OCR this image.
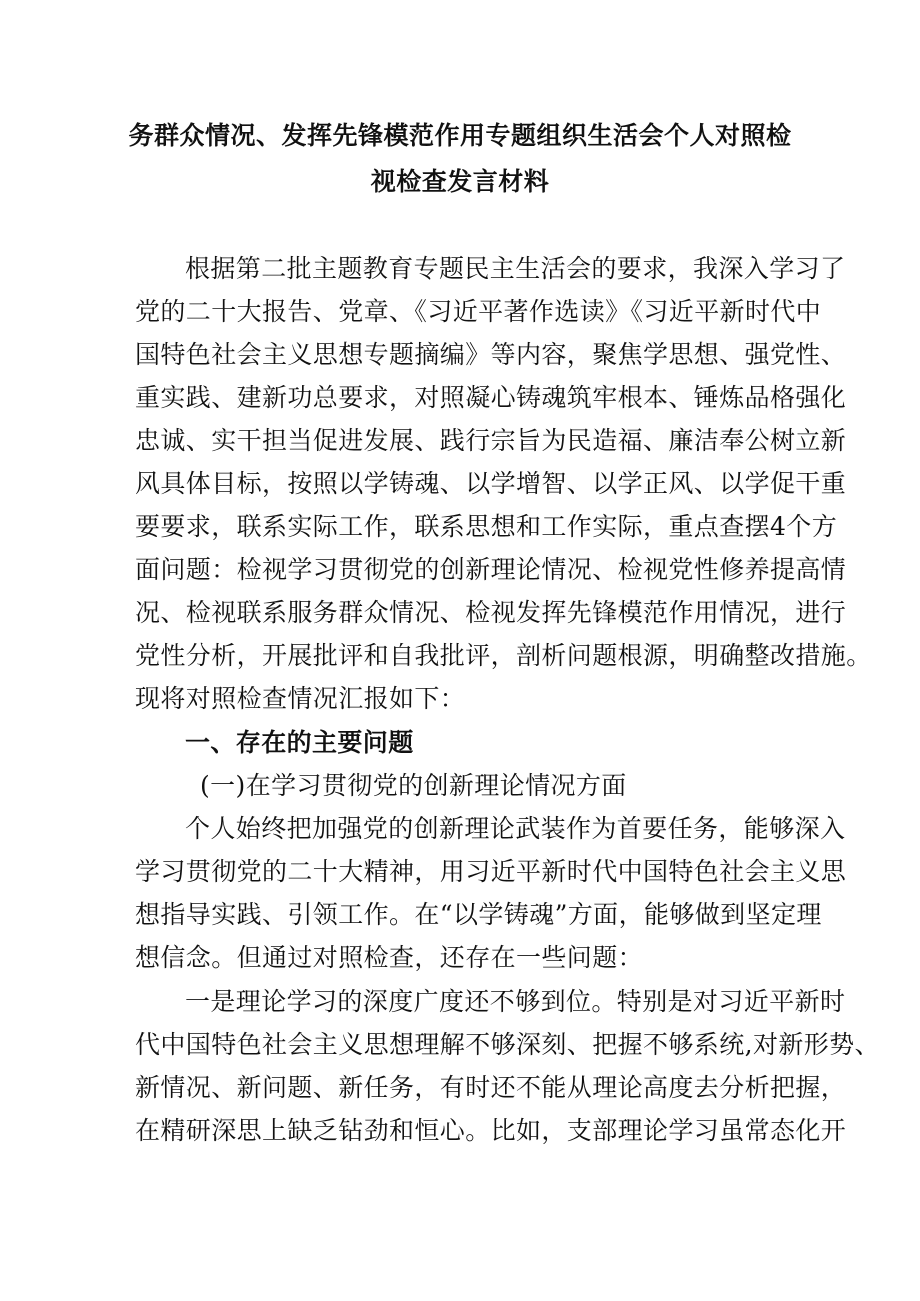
务群众情况、发挥先锋模范作用专题组织生活会个人对照检
视检查发言材料
根据第二批主题教育专题民主生活会的要求，我深入学习了
党的二十大报告、党章、《习近平著作选读》《习近平新时代中
国特色社会主义思想专题摘编》等内容，聚焦学思想、强党性、
重实践、建新功总要求，对照凝心铸魂筑牢根本、锤炼品格强化
忠诚、实干担当促进发展、践行宗旨为民造福、廉洁奉公树立新
风具体目标，按照以学铸魂、以学增智、以学正风、以学促干重
要要求，联系实际工作，联系思想和工作实际，重点查摆4个方
面问题：检视学习贯彻党的创新理论情况、检视党性修养提高情
况、检视联系服务群众情况、检视发挥先锋模范作用情况，进行
党性分析，开展批评和自我批评，剖析问题根源，明确整改措施。
现将对照检查情况汇报如下：
一、存在的主要问题
(一)在学习贯彻党的创新理论情况方面
个人始终把加强党的创新理论武装作为首要任务，能够深入
学习贯彻党的二十大精神，用习近平新时代中国特色社会主义思
想指导实践、引领工作。在“以学铸魂”方面，能够做到坚定理
想信念。但通过对照检查，还存在一些问题：
一是理论学习的深度广度还不够到位。特别是对习近平新时
代中国特色社会主义思想理解不够深刻、把握不够系统,对新形势、
新情况、新问题、新任务，有时还不能从理论高度去分析把握，
在精研深思上缺乏钻劲和恒心。比如，支部理论学习虽常态化开
